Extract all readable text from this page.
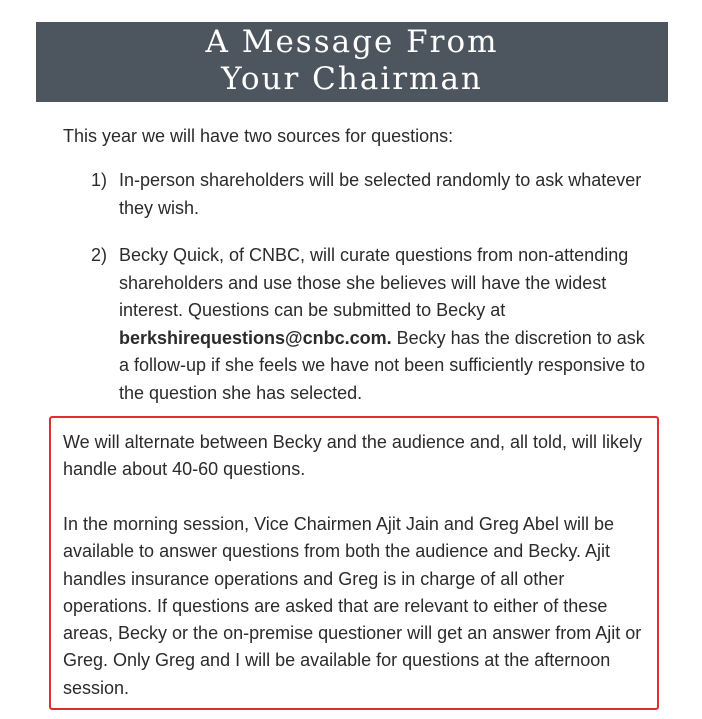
A Message From
Your Chairman
This year we will have two sources for questions:
1) In-person shareholders will be selected randomly to ask whatever they wish.
2) Becky Quick, of CNBC, will curate questions from non-attending shareholders and use those she believes will have the widest interest. Questions can be submitted to Becky at berkshirequestions@cnbc.com. Becky has the discretion to ask a follow-up if she feels we have not been sufficiently responsive to the question she has selected.
We will alternate between Becky and the audience and, all told, will likely handle about 40-60 questions.
In the morning session, Vice Chairmen Ajit Jain and Greg Abel will be available to answer questions from both the audience and Becky. Ajit handles insurance operations and Greg is in charge of all other operations. If questions are asked that are relevant to either of these areas, Becky or the on-premise questioner will get an answer from Ajit or Greg. Only Greg and I will be available for questions at the afternoon session.
